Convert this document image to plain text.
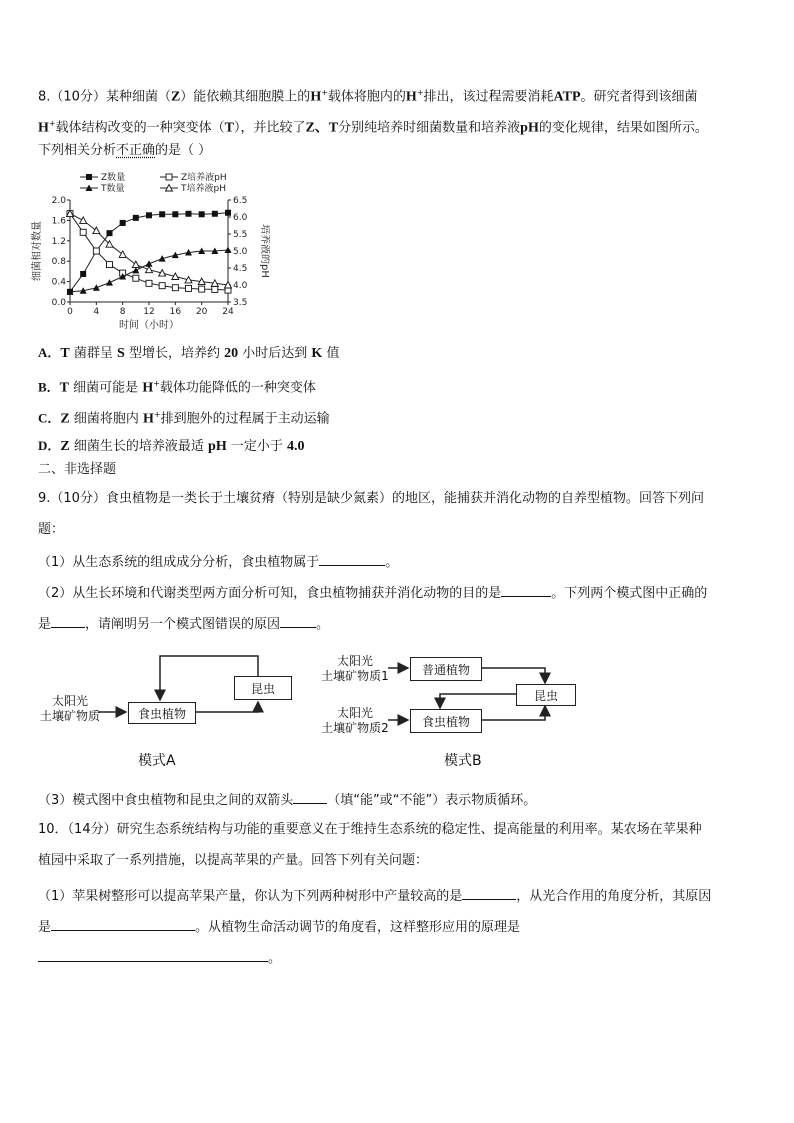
8.（10分）某种细菌（Z）能依赖其细胞膜上的H+载体将胞内的H+排出，该过程需要消耗ATP。研究者得到该细菌
H+载体结构改变的一种突变体（T），并比较了Z、T分别纯培养时细菌数量和培养液pH的变化规律，结果如图所示。
下列相关分析不正确的是（ ）
Z数量	Z培养液pH
T数量	T培养液pH
0 4 8 12 16 20 24
0.0
0.4
0.8
1.2
1.6
2.0
3.5
4.0
4.5
5.0
5.5
6.0
6.5
时间（小时）
细菌相对数量	培养液的pH
A．T 菌群呈 S 型增长，培养约 20 小时后达到 K 值
B．T 细菌可能是 H+载体功能降低的一种突变体
C．Z 细菌将胞内 H+排到胞外的过程属于主动运输
D．Z 细菌生长的培养液最适 pH 一定小于 4.0
二、非选择题
9.（10分）食虫植物是一类长于土壤贫瘠（特别是缺少氮素）的地区，能捕获并消化动物的自养型植物。回答下列问
题：
（1）从生态系统的组成成分分析，食虫植物属于	。
（2）从生长环境和代谢类型两方面分析可知，食虫植物捕获并消化动物的目的是	。下列两个模式图中正确的
是	，请阐明另一个模式图错误的原因	。
太阳光
土壤矿物质	食虫植物
昆虫
模式A
太阳光
土壤矿物质1
太阳光
土壤矿物质2
普通植物
昆虫
食虫植物
模式B
（3）模式图中食虫植物和昆虫之间的双箭头	（填“能”或“不能”）表示物质循环。
10．（14分）研究生态系统结构与功能的重要意义在于维持生态系统的稳定性、提高能量的利用率。某农场在苹果种
植园中采取了一系列措施，以提高苹果的产量。回答下列有关问题：
（1）苹果树整形可以提高苹果产量，你认为下列两种树形中产量较高的是	，从光合作用的角度分析，其原因
是	。从植物生命活动调节的角度看，这样整形应用的原理是
。
